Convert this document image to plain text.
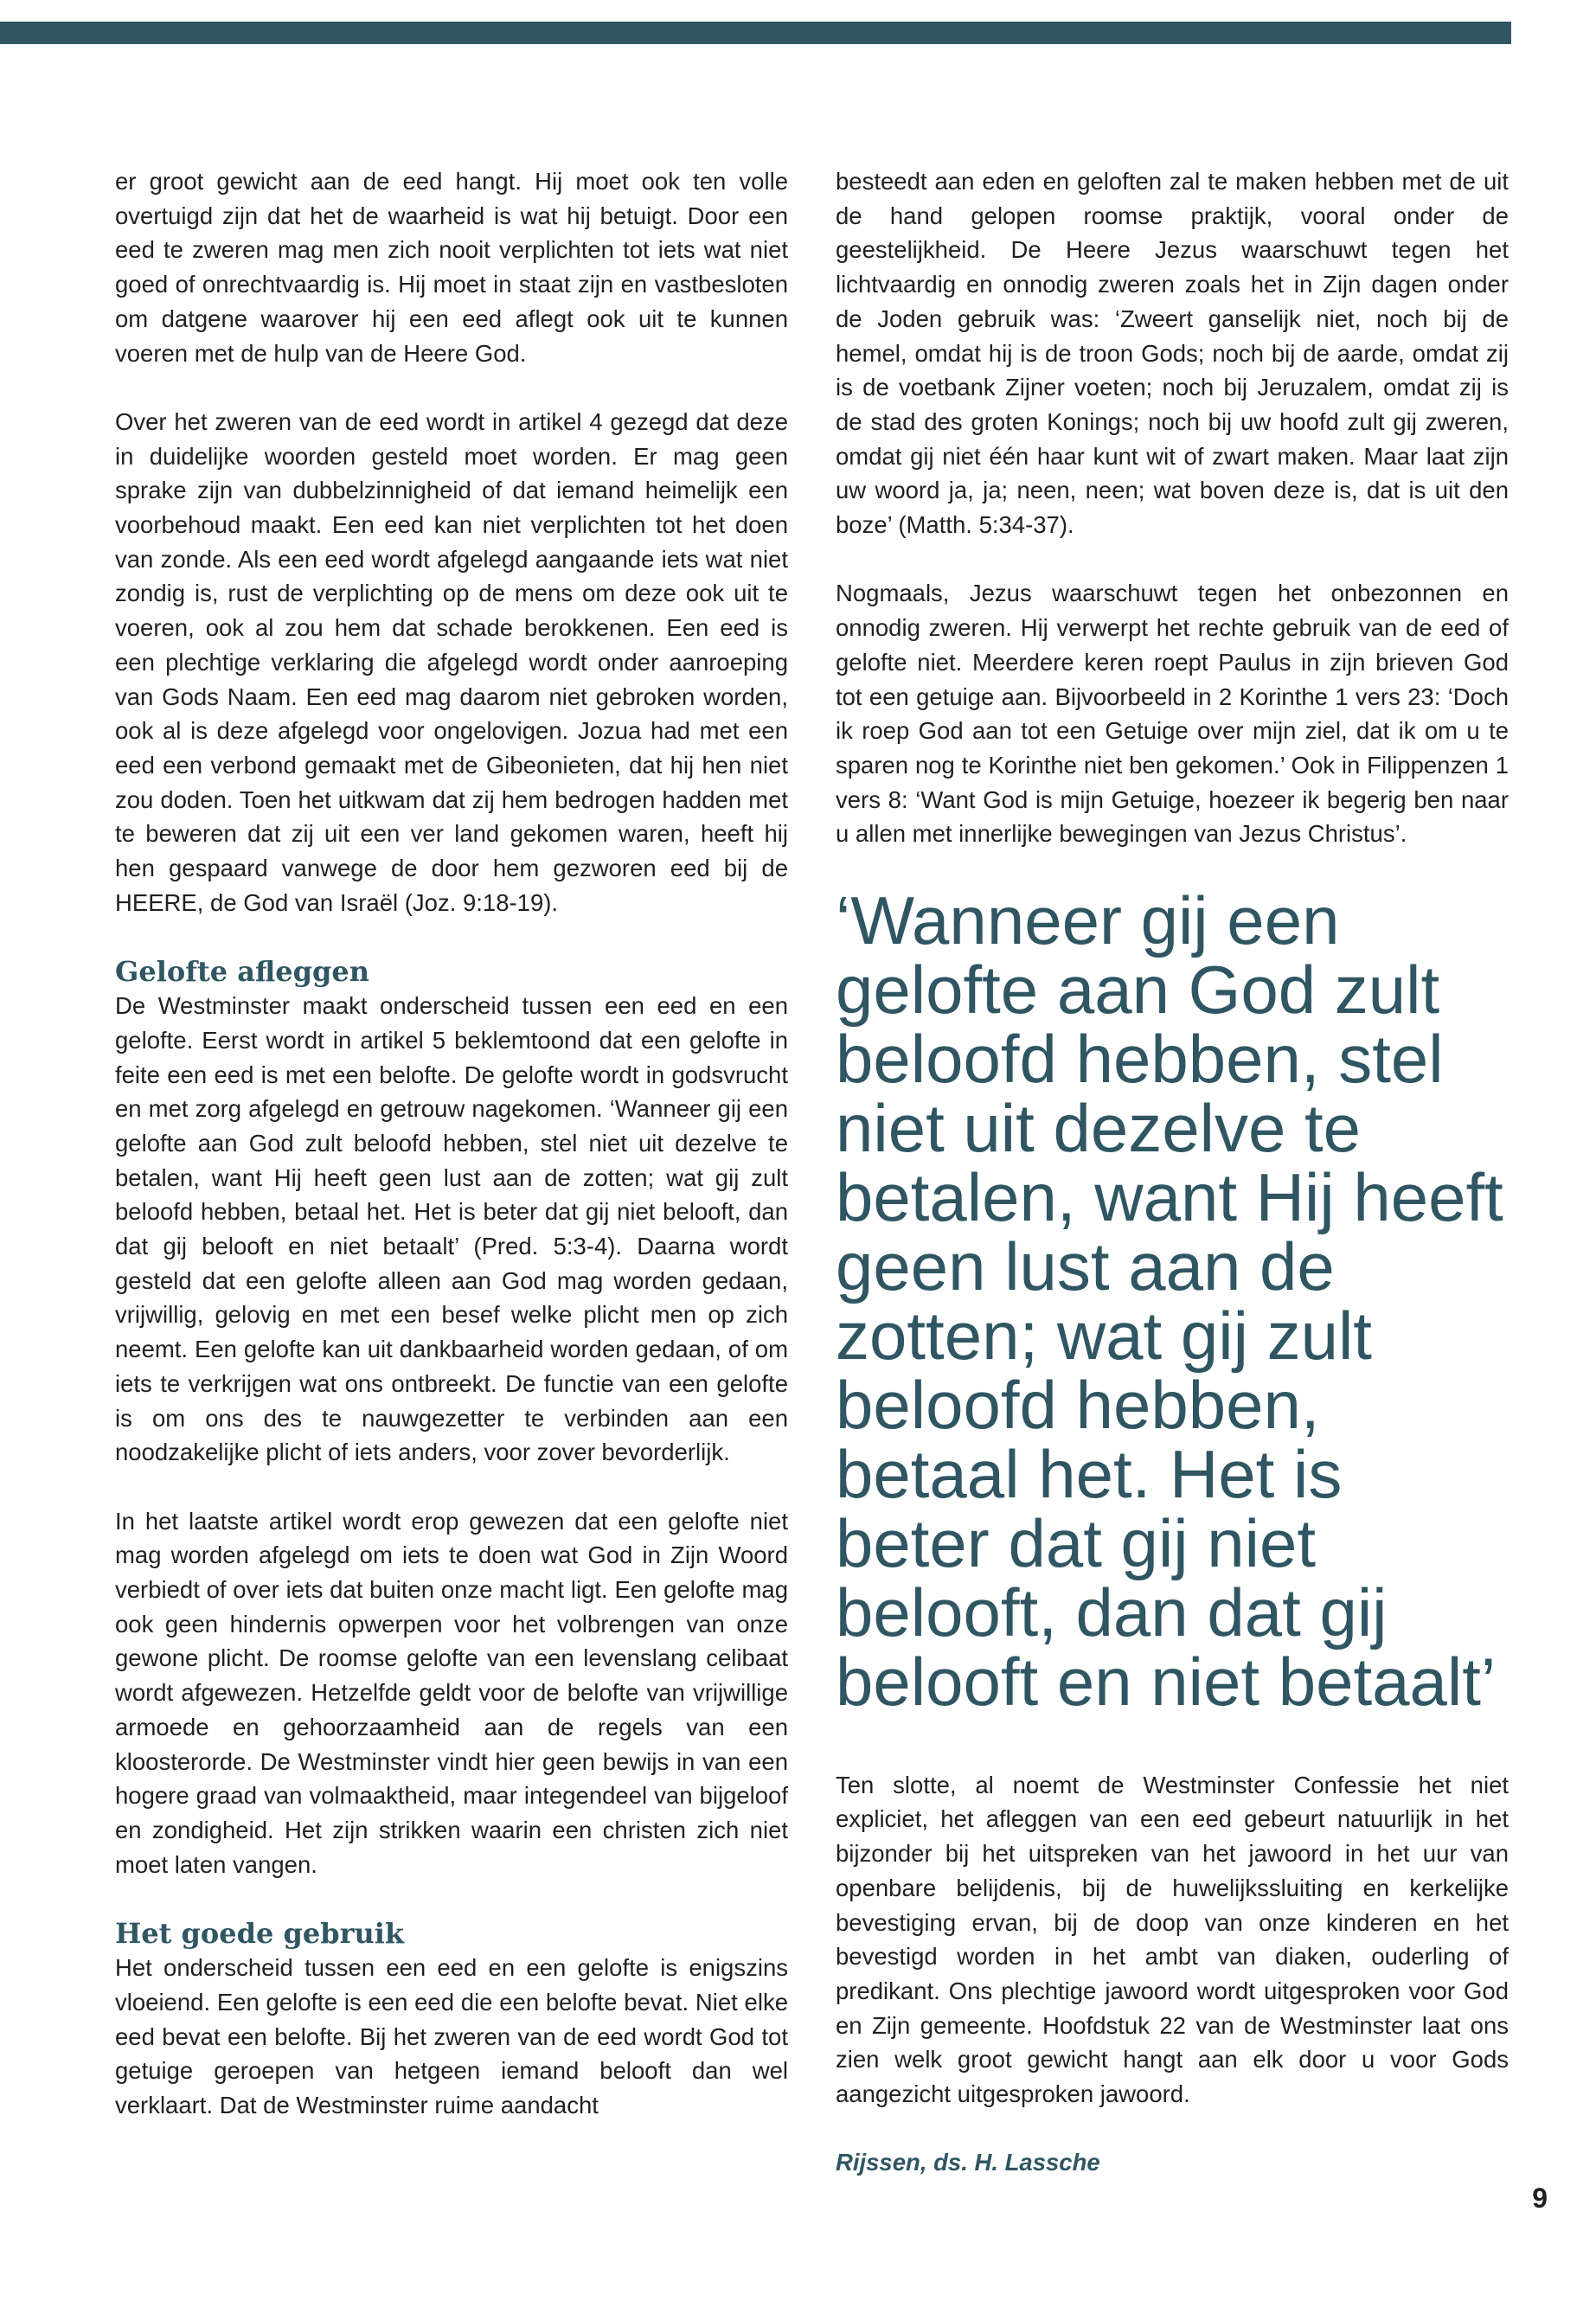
er groot gewicht aan de eed hangt. Hij moet ook ten volle overtuigd zijn dat het de waarheid is wat hij betuigt. Door een eed te zweren mag men zich nooit verplichten tot iets wat niet goed of onrechtvaardig is. Hij moet in staat zijn en vastbesloten om datgene waarover hij een eed aflegt ook uit te kunnen voeren met de hulp van de Heere God.

Over het zweren van de eed wordt in artikel 4 gezegd dat deze in duidelijke woorden gesteld moet worden. Er mag geen sprake zijn van dubbelzinnigheid of dat iemand heimelijk een voorbehoud maakt. Een eed kan niet verplichten tot het doen van zonde. Als een eed wordt afgelegd aangaande iets wat niet zondig is, rust de verplichting op de mens om deze ook uit te voeren, ook al zou hem dat schade berokkenen. Een eed is een plechtige verklaring die afgelegd wordt onder aanroeping van Gods Naam. Een eed mag daarom niet gebroken worden, ook al is deze afgelegd voor ongelovigen. Jozua had met een eed een verbond gemaakt met de Gibeonieten, dat hij hen niet zou doden. Toen het uitkwam dat zij hem bedrogen hadden met te beweren dat zij uit een ver land gekomen waren, heeft hij hen gespaard vanwege de door hem gezworen eed bij de HEERE, de God van Israël (Joz. 9:18-19).

Gelofte afleggen

De Westminster maakt onderscheid tussen een eed en een gelofte. Eerst wordt in artikel 5 beklemtoond dat een gelofte in feite een eed is met een belofte. De gelofte wordt in godsvrucht en met zorg afgelegd en getrouw nagekomen. ‘Wanneer gij een gelofte aan God zult beloofd hebben, stel niet uit dezelve te betalen, want Hij heeft geen lust aan de zotten; wat gij zult beloofd hebben, betaal het. Het is beter dat gij niet belooft, dan dat gij belooft en niet betaalt’ (Pred. 5:3-4). Daarna wordt gesteld dat een gelofte alleen aan God mag worden gedaan, vrijwillig, gelovig en met een besef welke plicht men op zich neemt. Een gelofte kan uit dankbaarheid worden gedaan, of om iets te verkrijgen wat ons ontbreekt. De functie van een gelofte is om ons des te nauwgezetter te verbinden aan een noodzakelijke plicht of iets anders, voor zover bevorderlijk.

In het laatste artikel wordt erop gewezen dat een gelofte niet mag worden afgelegd om iets te doen wat God in Zijn Woord verbiedt of over iets dat buiten onze macht ligt. Een gelofte mag ook geen hindernis opwerpen voor het volbrengen van onze gewone plicht. De roomse gelofte van een levenslang celibaat wordt afgewezen. Hetzelfde geldt voor de belofte van vrijwillige armoede en gehoorzaamheid aan de regels van een kloosterorde. De Westminster vindt hier geen bewijs in van een hogere graad van volmaaktheid, maar integendeel van bijgeloof en zondigheid. Het zijn strikken waarin een christen zich niet moet laten vangen.

Het goede gebruik

Het onderscheid tussen een eed en een gelofte is enigszins vloeiend. Een gelofte is een eed die een belofte bevat. Niet elke eed bevat een belofte. Bij het zweren van de eed wordt God tot getuige geroepen van hetgeen iemand belooft dan wel verklaart. Dat de Westminster ruime aandacht

besteedt aan eden en geloften zal te maken hebben met de uit de hand gelopen roomse praktijk, vooral onder de geestelijkheid. De Heere Jezus waarschuwt tegen het lichtvaardig en onnodig zweren zoals het in Zijn dagen onder de Joden gebruik was: ‘Zweert ganselijk niet, noch bij de hemel, omdat hij is de troon Gods; noch bij de aarde, omdat zij is de voetbank Zijner voeten; noch bij Jeruzalem, omdat zij is de stad des groten Konings; noch bij uw hoofd zult gij zweren, omdat gij niet één haar kunt wit of zwart maken. Maar laat zijn uw woord ja, ja; neen, neen; wat boven deze is, dat is uit den boze’ (Matth. 5:34-37).

Nogmaals, Jezus waarschuwt tegen het onbezonnen en onnodig zweren. Hij verwerpt het rechte gebruik van de eed of gelofte niet. Meerdere keren roept Paulus in zijn brieven God tot een getuige aan. Bijvoorbeeld in 2 Korinthe 1 vers 23: ‘Doch ik roep God aan tot een Getuige over mijn ziel, dat ik om u te sparen nog te Korinthe niet ben gekomen.’ Ook in Filippenzen 1 vers 8: ‘Want God is mijn Getuige, hoezeer ik begerig ben naar u allen met innerlijke bewegingen van Jezus Christus’.

‘Wanneer gij een gelofte aan God zult beloofd hebben, stel niet uit dezelve te betalen, want Hij heeft geen lust aan de zotten; wat gij zult beloofd hebben, betaal het. Het is beter dat gij niet belooft, dan dat gij belooft en niet betaalt’

Ten slotte, al noemt de Westminster Confessie het niet expliciet, het afleggen van een eed gebeurt natuurlijk in het bijzonder bij het uitspreken van het jawoord in het uur van openbare belijdenis, bij de huwelijkssluiting en kerkelijke bevestiging ervan, bij de doop van onze kinderen en het bevestigd worden in het ambt van diaken, ouderling of predikant. Ons plechtige jawoord wordt uitgesproken voor God en Zijn gemeente. Hoofdstuk 22 van de Westminster laat ons zien welk groot gewicht hangt aan elk door u voor Gods aangezicht uitgesproken jawoord.

Rijssen, ds. H. Lassche

9
